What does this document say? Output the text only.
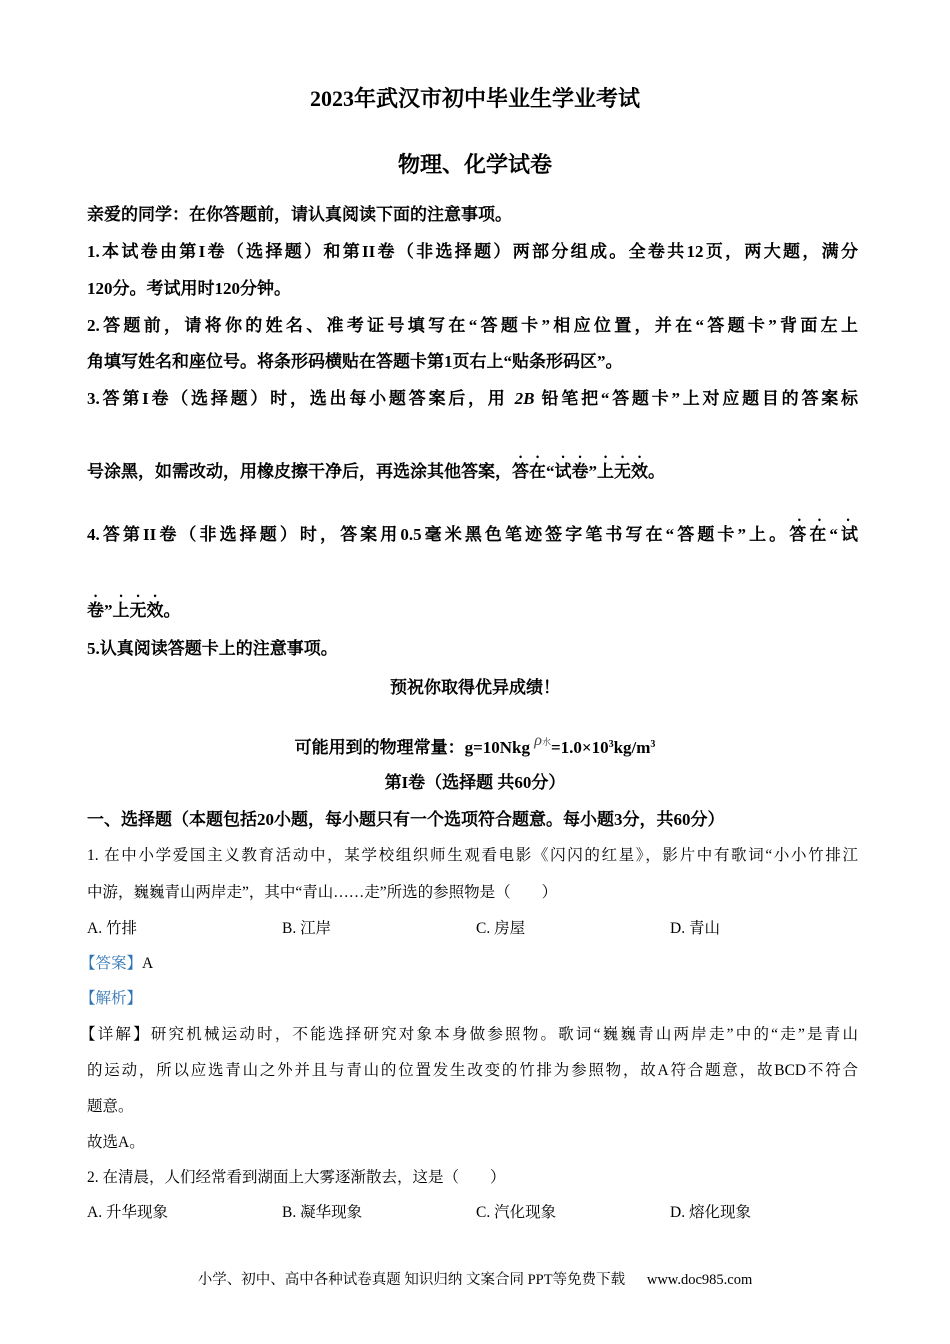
2023年武汉市初中毕业生学业考试
物理、化学试卷
亲爱的同学：在你答题前，请认真阅读下面的注意事项。
1.本试卷由第I卷（选择题）和第II卷（非选择题）两部分组成。全卷共12页，两大题，满分
120分。考试用时120分钟。
2.答题前，请将你的姓名、准考证号填写在“答题卡”相应位置，并在“答题卡”背面左上
角填写姓名和座位号。将条形码横贴在答题卡第1页右上“贴条形码区”。
3.答第I卷（选择题）时，选出每小题答案后，用 2B 铅笔把“答题卡”上对应题目的答案标
号涂黑，如需改动，用橡皮擦干净后，再选涂其他答案，答在“试卷”上无效。
4.答第II卷（非选择题）时，答案用0.5毫米黑色笔迹签字笔书写在“答题卡”上。答在“试
卷”上无效。
5.认真阅读答题卡上的注意事项。
预祝你取得优异成绩！
可能用到的物理常量：g=10Nkg ρ水$=1.0\times 10^3kg/m^3$
第I卷（选择题 共60分）
一、选择题（本题包括20小题，每小题只有一个选项符合题意。每小题3分，共60分）
1. 在中小学爱国主义教育活动中，某学校组织师生观看电影《闪闪的红星》，影片中有歌词“小小竹排江
中游，巍巍青山两岸走”，其中“青山……走”所选的参照物是（　　）
A. 竹排	B. 江岸	C. 房屋	D. 青山
【答案】A
【解析】
【详解】研究机械运动时，不能选择研究对象本身做参照物。歌词“巍巍青山两岸走”中的“走”是青山
的运动，所以应选青山之外并且与青山的位置发生改变的竹排为参照物，故A符合题意，故BCD不符合
题意。
故选A。
2. 在清晨，人们经常看到湖面上大雾逐渐散去，这是（　　）
A. 升华现象	B. 凝华现象	C. 汽化现象	D. 熔化现象
小学、初中、高中各种试卷真题 知识归纳 文案合同 PPT等免费下载 www.doc985.com
